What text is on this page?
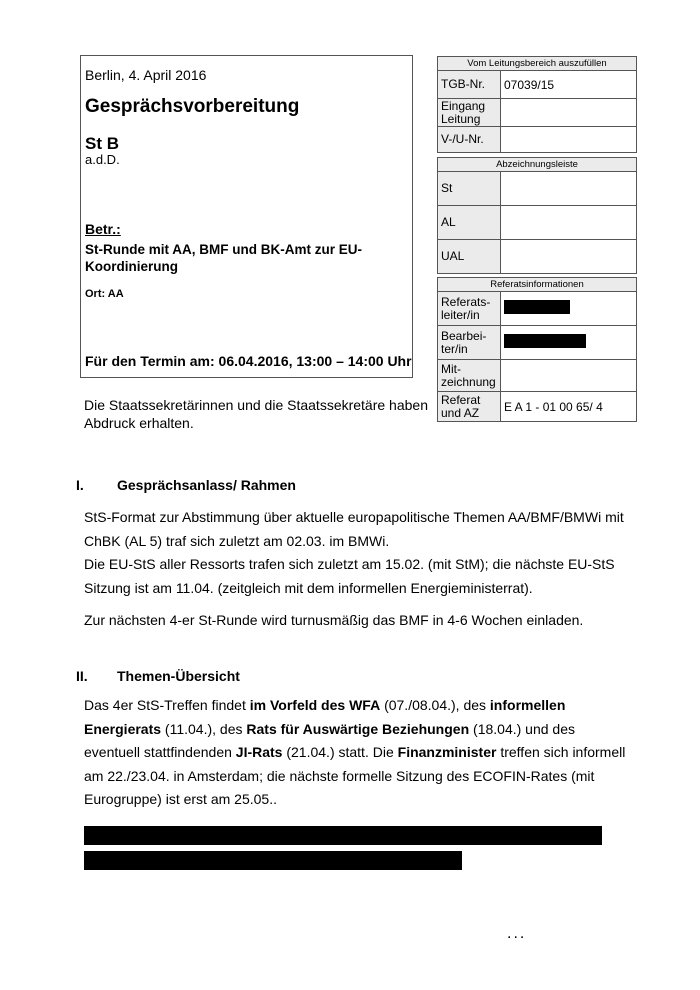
Berlin, 4. April 2016
Gesprächsvorbereitung
St B
a.d.D.
Betr.:
St-Runde mit AA, BMF und BK-Amt zur EU-Koordinierung
Ort: AA
Für den Termin am: 06.04.2016, 13:00 – 14:00 Uhr
Die Staatssekretärinnen und die Staatssekretäre haben Abdruck erhalten.
Vom Leitungsbereich auszufüllen	
TGB-Nr.	07039/15
Eingang Leitung	
V-/U-Nr.	
Abzeichnungsleiste	
St	
AL	
UAL	
Referatsinformationen	
Referats-leiter/in	
Bearbei-ter/in	
Mit-zeichnung	
Referat und AZ	E A 1 - 01 00 65/ 4
I. Gesprächsanlass/ Rahmen
StS-Format zur Abstimmung über aktuelle europapolitische Themen AA/BMF/BMWi mit
ChBK (AL 5) traf sich zuletzt am 02.03. im BMWi.
Die EU-StS aller Ressorts trafen sich zuletzt am 15.02. (mit StM); die nächste EU-StS
Sitzung ist am 11.04. (zeitgleich mit dem informellen Energieministerrat).
Zur nächsten 4-er St-Runde wird turnusmäßig das BMF in 4-6 Wochen einladen.
II. Themen-Übersicht
Das 4er StS-Treffen findet im Vorfeld des WFA (07./08.04.), des informellen
Energierats (11.04.), des Rats für Auswärtige Beziehungen (18.04.) und des
eventuell stattfindenden JI-Rats (21.04.) statt. Die Finanzminister treffen sich informell
am 22./23.04. in Amsterdam; die nächste formelle Sitzung des ECOFIN-Rates (mit
Eurogruppe) ist erst am 25.05..
...
